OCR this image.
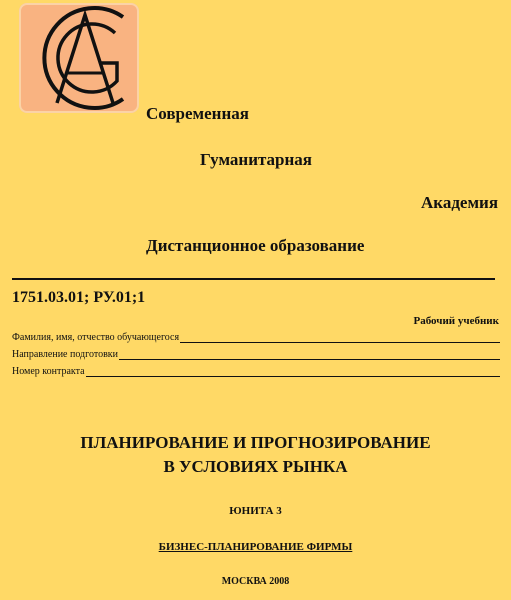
Современная
Гуманитарная
Академия
Дистанционное образование
1751.03.01; РУ.01;1
Рабочий учебник
Фамилия, имя, отчество обучающегося
Направление подготовки
Номер контракта
ПЛАНИРОВАНИЕ И ПРОГНОЗИРОВАНИЕ
В УСЛОВИЯХ РЫНКА
ЮНИТА 3
БИЗНЕС-ПЛАНИРОВАНИЕ ФИРМЫ
МОСКВА 2008
